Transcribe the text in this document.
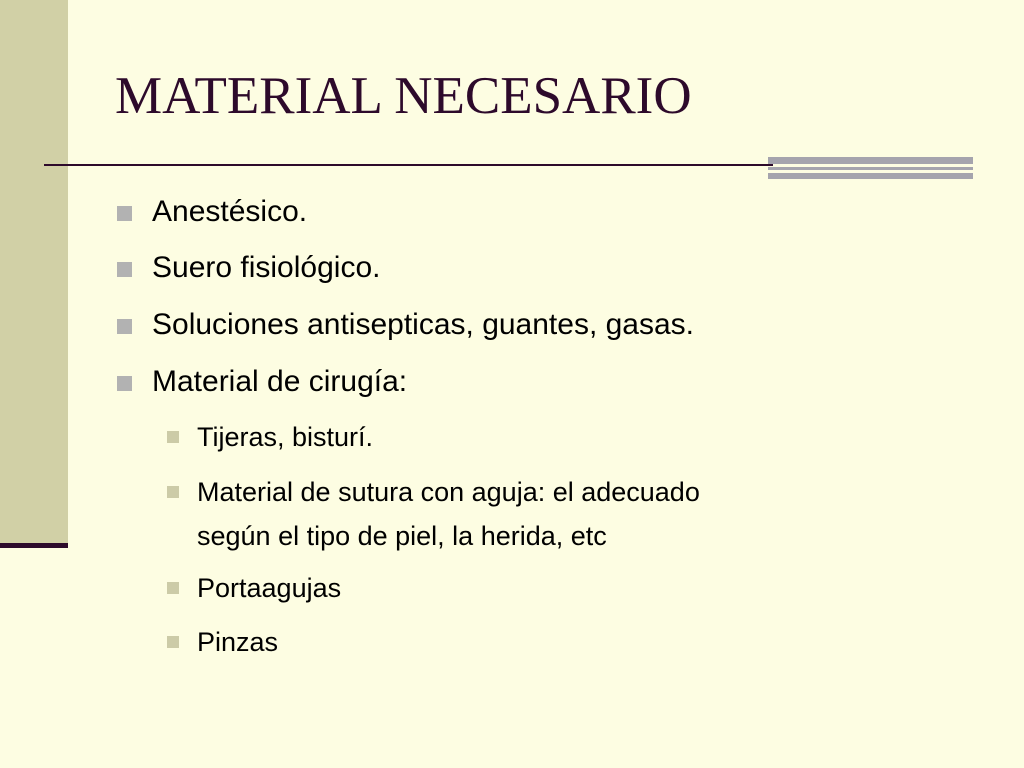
MATERIAL NECESARIO
Anestésico.
Suero fisiológico.
Soluciones antisepticas, guantes, gasas.
Material de cirugía:
Tijeras, bisturí.
Material de sutura con aguja: el adecuado
según el tipo de piel, la herida, etc
Portaagujas
Pinzas
